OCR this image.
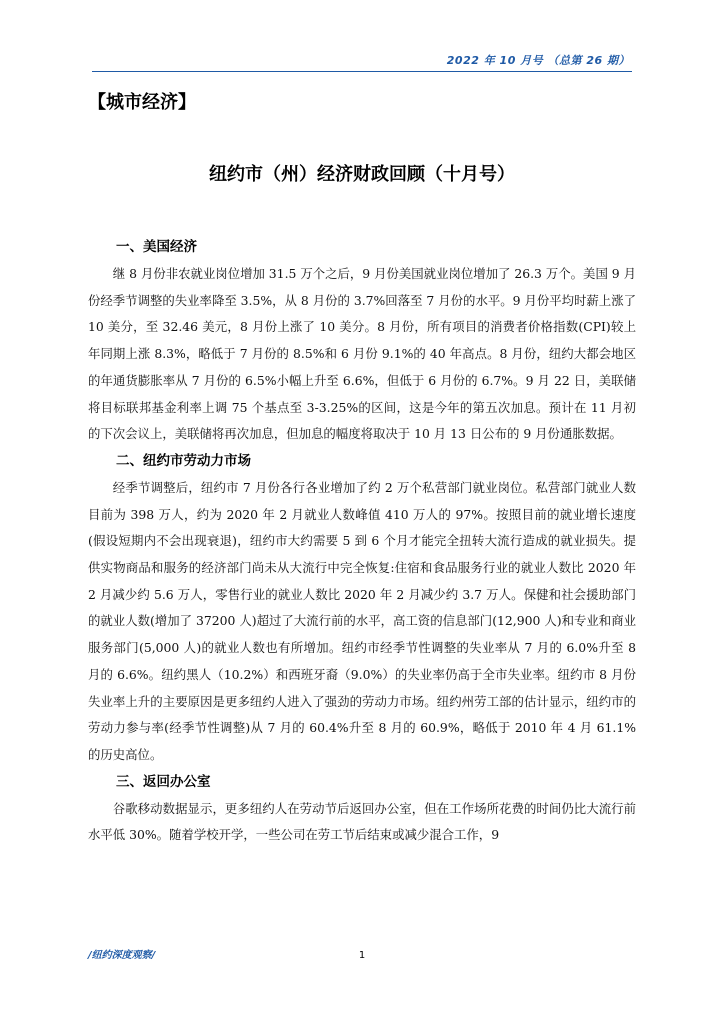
2022 年 10 月号 （总第 26 期）
【城市经济】
纽约市（州）经济财政回顾（十月号）
一、美国经济

继 8 月份非农就业岗位增加 31.5 万个之后，9 月份美国就业岗位增加了 26.3 万个。美国 9 月份经季节调整的失业率降至 3.5%，从 8 月份的 3.7%回落至 7 月份的水平。9 月份平均时薪上涨了 10 美分，至 32.46 美元，8 月份上涨了 10 美分。8 月份，所有项目的消费者价格指数(CPI)较上年同期上涨 8.3%，略低于 7 月份的 8.5%和 6 月份 9.1%的 40 年高点。8 月份，纽约大都会地区的年通货膨胀率从 7 月份的 6.5%小幅上升至 6.6%，但低于 6 月份的 6.7%。9 月 22 日，美联储将目标联邦基金利率上调 75 个基点至 3-3.25%的区间，这是今年的第五次加息。预计在 11 月初的下次会议上，美联储将再次加息，但加息的幅度将取决于 10 月 13 日公布的 9 月份通胀数据。

二、纽约市劳动力市场

经季节调整后，纽约市 7 月份各行各业增加了约 2 万个私营部门就业岗位。私营部门就业人数目前为 398 万人，约为 2020 年 2 月就业人数峰值 410 万人的 97%。按照目前的就业增长速度(假设短期内不会出现衰退)，纽约市大约需要 5 到 6 个月才能完全扭转大流行造成的就业损失。提供实物商品和服务的经济部门尚未从大流行中完全恢复:住宿和食品服务行业的就业人数比 2020 年 2 月减少约 5.6 万人，零售行业的就业人数比 2020 年 2 月减少约 3.7 万人。保健和社会援助部门的就业人数(增加了 37200 人)超过了大流行前的水平，高工资的信息部门(12,900 人)和专业和商业服务部门(5,000 人)的就业人数也有所增加。纽约市经季节性调整的失业率从 7 月的 6.0%升至 8 月的 6.6%。纽约黑人（10.2%）和西班牙裔（9.0%）的失业率仍高于全市失业率。纽约市 8 月份失业率上升的主要原因是更多纽约人进入了强劲的劳动力市场。纽约州劳工部的估计显示，纽约市的劳动力参与率(经季节性调整)从 7 月的 60.4%升至 8 月的 60.9%，略低于 2010 年 4 月 61.1%的历史高位。

三、返回办公室

谷歌移动数据显示，更多纽约人在劳动节后返回办公室，但在工作场所花费的时间仍比大流行前水平低 30%。随着学校开学，一些公司在劳工节后结束或减少混合工作，9

/纽约深度观察/	1
